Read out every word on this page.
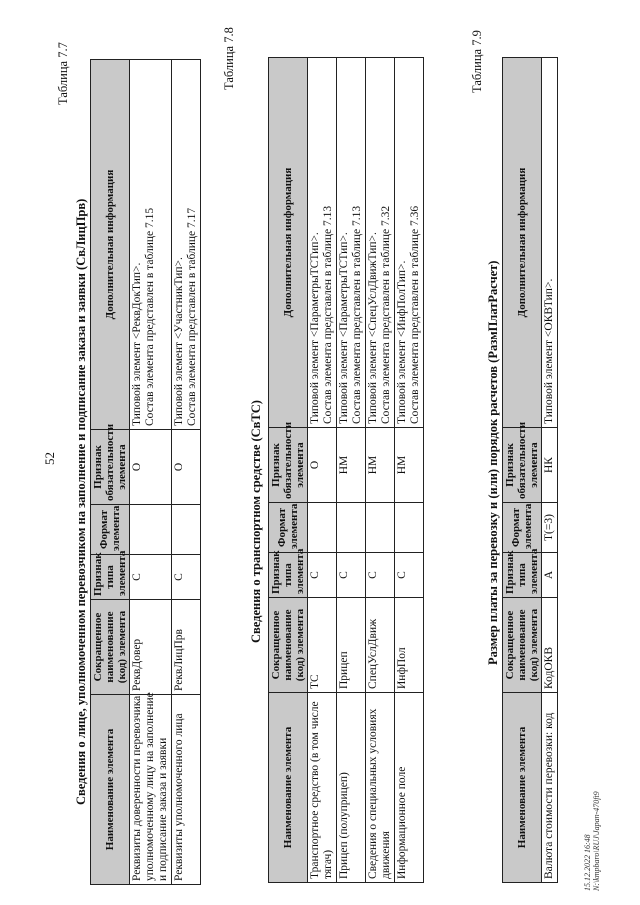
52
Таблица 7.7
Сведения о лице, уполномоченном перевозчиком на заполнение и подписание заказа и заявки (СвЛицПрв) Наименование элемента	Сокращенное наименование (код) элемента	Признак типа элемента	Формат элемента	Признак обязательности элемента	Дополнительная информация

Реквизиты доверенности перевозчика уполномоченному лицу на заполнение и подписание заказа и заявки	РеквДовер	С		О	Типовой элемент <РеквДокТип>. Состав элемента представлен в таблице 7.15

Реквизиты уполномоченного лица	РеквЛицПрв	С		О	Типовой элемент <УчастникТип>. Состав элемента представлен в таблице 7.17
Таблица 7.8
Сведения о транспортном средстве (СвТС)
Наименование элемента	Сокращенное наименование (код) элемента	Признак типа элемента	Формат элемента	Признак обязательности элемента	Дополнительная информация

Транспортное средство (в том числе тягач)	ТС	С		О	Типовой элемент <ПараметрыТСТип>. Состав элемента представлен в таблице 7.13

Прицеп (полуприцеп)	Прицеп	С		НМ	Типовой элемент <ПараметрыТСТип>. Состав элемента представлен в таблице 7.13

Сведения о специальных условиях движения	СпецУслДвиж	С		НМ	Типовой элемент <СпецУслДвижТип>. Состав элемента представлен в таблице 7.32

Информационное поле	ИнфПол	С		НМ	Типовой элемент <ИнфПолТип>. Состав элемента представлен в таблице 7.36
Таблица 7.9
Размер платы за перевозку и (или) порядок расчетов (РазмПлатРасчет)
Наименование элемента	Сокращенное наименование (код) элемента	Признак типа элемента	Формат элемента	Признак обязательности элемента	Дополнительная информация

Валюта стоимости перевозки: код	КодОКВ	А	T(=3)	НК	Типовой элемент <ОКВТип>.
15.12.2022 16:48 N:\kmpbaro\RUJ\Japan-470ft9
